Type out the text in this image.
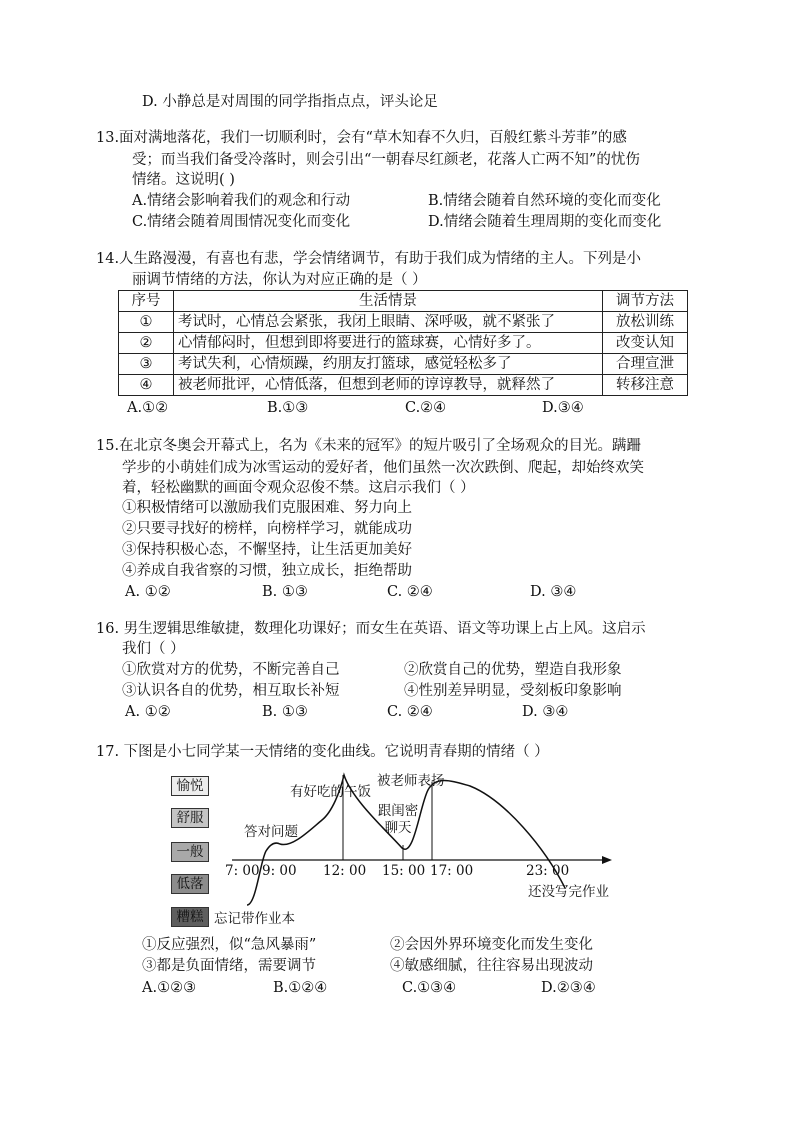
D. 小静总是对周围的同学指指点点，评头论足
13.面对满地落花，我们一切顺利时，会有“草木知春不久归，百般红紫斗芳菲”的感
受；而当我们备受冷落时，则会引出“一朝春尽红颜老，花落人亡两不知”的忧伤
情绪。这说明( )
A.情绪会影响着我们的观念和行动	B.情绪会随着自然环境的变化而变化
C.情绪会随着周围情况变化而变化	D.情绪会随着生理周期的变化而变化
14.人生路漫漫，有喜也有悲，学会情绪调节，有助于我们成为情绪的主人。下列是小
丽调节情绪的方法，你认为对应正确的是（ ）
序号	生活情景	调节方法
①	考试时，心情总会紧张，我闭上眼睛、深呼吸，就不紧张了	放松训练
②	心情郁闷时，但想到即将要进行的篮球赛，心情好多了。	改变认知
③	考试失利，心情烦躁，约朋友打篮球，感觉轻松多了	合理宣泄
④	被老师批评，心情低落，但想到老师的谆谆教导，就释然了	转移注意
A.①②	B.①③	C.②④	D.③④
15.在北京冬奥会开幕式上，名为《未来的冠军》的短片吸引了全场观众的目光。蹒跚
学步的小萌娃们成为冰雪运动的爱好者，他们虽然一次次跌倒、爬起，却始终欢笑
着，轻松幽默的画面令观众忍俊不禁。这启示我们（ ）
①积极情绪可以激励我们克服困难、努力向上
②只要寻找好的榜样，向榜样学习，就能成功
③保持积极心态，不懈坚持，让生活更加美好
④养成自我省察的习惯，独立成长，拒绝帮助
A. ①②	B. ①③	C. ②④	D. ③④
16. 男生逻辑思维敏捷，数理化功课好；而女生在英语、语文等功课上占上风。这启示
我们（ ）
①欣赏对方的优势，不断完善自己	②欣赏自己的优势，塑造自我形象
③认识各自的优势，相互取长补短	④性别差异明显，受刻板印象影响
A. ①②	B. ①③	C. ②④	D. ③④
17. 下图是小七同学某一天情绪的变化曲线。它说明青春期的情绪（ ）
愉悦
舒服
一般
低落
糟糕
被老师表扬
有好吃的午饭
跟闺密聊天
答对问题
忘记带作业本
还没写完作业
7: 00 9: 00 12: 00 15: 00 17: 00	23: 00
①反应强烈，似“急风暴雨”	②会因外界环境变化而发生变化
③都是负面情绪，需要调节	④敏感细腻，往往容易出现波动
A.①②③	B.①②④	C.①③④	D.②③④
